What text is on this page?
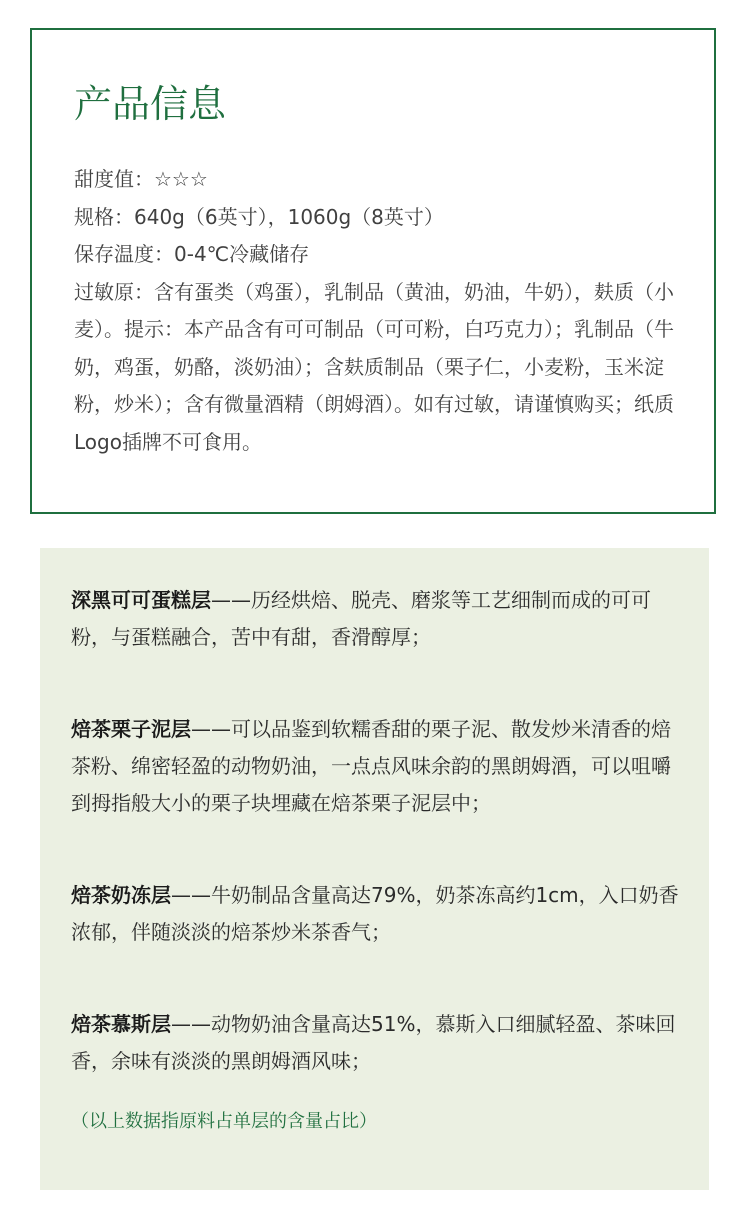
产品信息

甜度值：☆☆☆

规格：640g（6英寸），1060g（8英寸）

保存温度：0-4℃冷藏储存

过敏原：含有蛋类（鸡蛋），乳制品（黄油，奶油，牛奶），麸质（小麦）。提示：本产品含有可可制品（可可粉，白巧克力）；乳制品（牛奶，鸡蛋，奶酪，淡奶油）；含麸质制品（栗子仁，小麦粉，玉米淀粉，炒米）；含有微量酒精（朗姆酒）。如有过敏，请谨慎购买；纸质Logo插牌不可食用。

深黑可可蛋糕层——历经烘焙、脱壳、磨浆等工艺细制而成的可可粉，与蛋糕融合，苦中有甜，香滑醇厚；

焙茶栗子泥层——可以品鉴到软糯香甜的栗子泥、散发炒米清香的焙茶粉、绵密轻盈的动物奶油，一点点风味余韵的黑朗姆酒，可以咀嚼到拇指般大小的栗子块埋藏在焙茶栗子泥层中；

焙茶奶冻层——牛奶制品含量高达79%，奶茶冻高约1cm，入口奶香浓郁，伴随淡淡的焙茶炒米茶香气；

焙茶慕斯层——动物奶油含量高达51%，慕斯入口细腻轻盈、茶味回香，余味有淡淡的黑朗姆酒风味；

（以上数据指原料占单层的含量占比）
